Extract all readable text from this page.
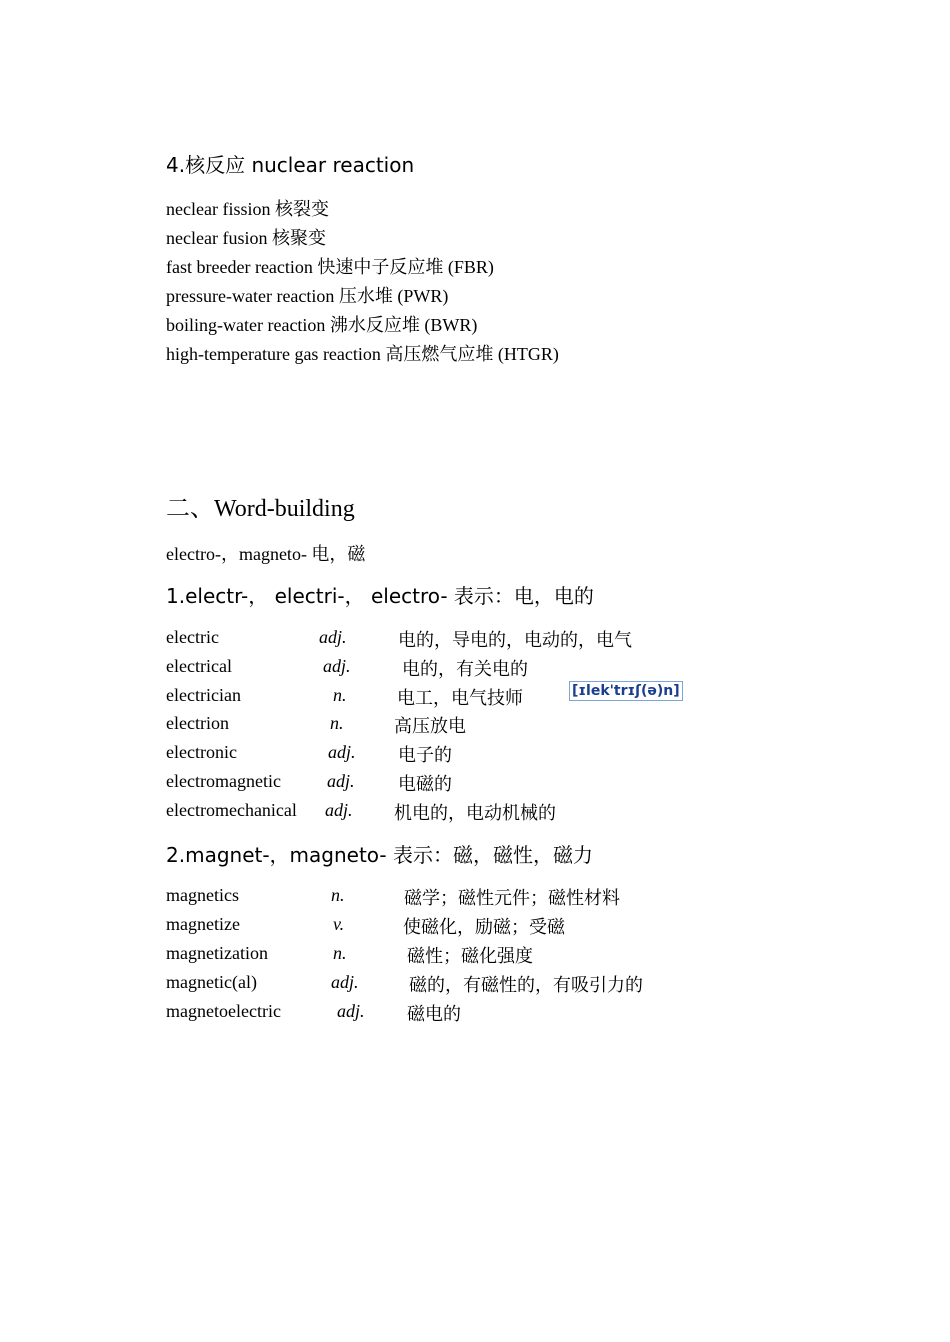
4.核反应 nuclear reaction
neclear fission 核裂变
neclear fusion 核聚变
fast breeder reaction 快速中子反应堆 (FBR)
pressure-water reaction 压水堆 (PWR)
boiling-water reaction 沸水反应堆 (BWR)
high-temperature gas reaction 高压燃气应堆 (HTGR)
二、Word-building
electro-，magneto- 电，磁
1.electr-， electri-， electro- 表示：电，电的
electric	adj.	电的，导电的，电动的，电气
electrical	adj.	电的，有关电的
electrician	n.	电工，电气技师	[ɪlek'trɪʃ(ə)n]
electrion	n.	高压放电
electronic	adj. 电子的
electromagnetic	adj. 电磁的
electromechanical adj. 机电的，电动机械的
2.magnet-，magneto- 表示：磁，磁性，磁力
magnetics	n.	磁学；磁性元件；磁性材料
magnetize	v.	使磁化，励磁；受磁
magnetization	n.	磁性；磁化强度
magnetic(al)	adj.	磁的，有磁性的，有吸引力的
magnetoelectric	adj. 磁电的
